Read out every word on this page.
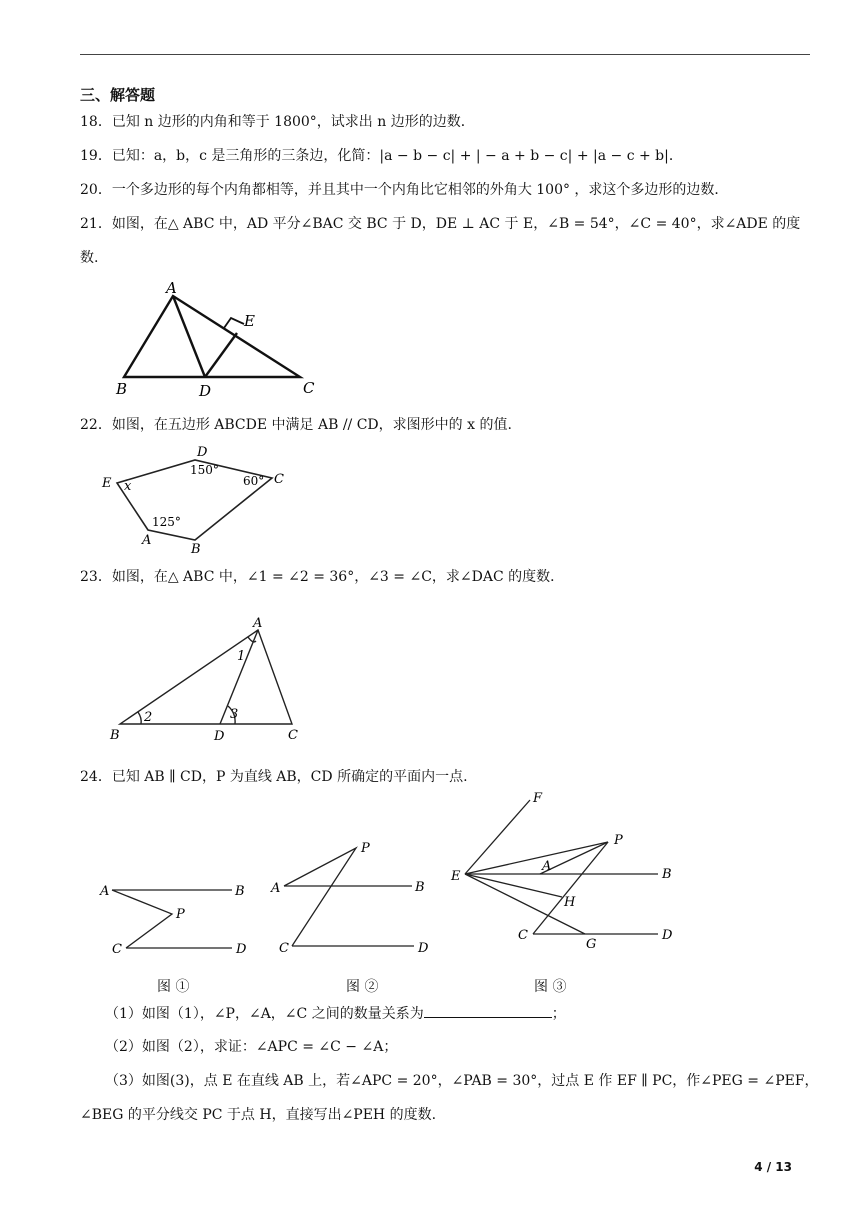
三、解答题
18．已知 n 边形的内角和等于 1800°，试求出 n 边形的边数．
19．已知：a，b，c 是三角形的三条边，化简：|a − b − c| + | − a + b − c| + |a − c + b|．
20．一个多边形的每个内角都相等，并且其中一个内角比它相邻的外角大 100° ，求这个多边形的边数．
21．如图，在△ ABC 中，AD 平分∠BAC 交 BC 于 D，DE ⊥ AC 于 E，∠B = 54°，∠C = 40°，求∠ADE 的度
数.
A
E
B	D	C
22．如图，在五边形 ABCDE 中满足 AB // CD，求图形中的 x 的值.
E x
D
150°
C
60°
125°
A
B
23．如图，在△ ABC 中，∠1 = ∠2 = 36°，∠3 = ∠C，求∠DAC 的度数．
A
1
2	3
B	D	C
24．已知 AB ∥ CD，P 为直线 AB，CD 所确定的平面内一点.
A	B
P
C	D
A	B
P
C	D
F
P
A
E	B
H
C
G
D
图 ①	图 ②	图 ③
（1）如图（1），∠P，∠A，∠C 之间的数量关系为	；
（2）如图（2），求证：∠APC = ∠C − ∠A；
（3）如图(3)，点 E 在直线 AB 上，若∠APC = 20°，∠PAB = 30°，过点 E 作 EF ∥ PC，作∠PEG = ∠PEF，
∠BEG 的平分线交 PC 于点 H，直接写出∠PEH 的度数.
4 / 13
